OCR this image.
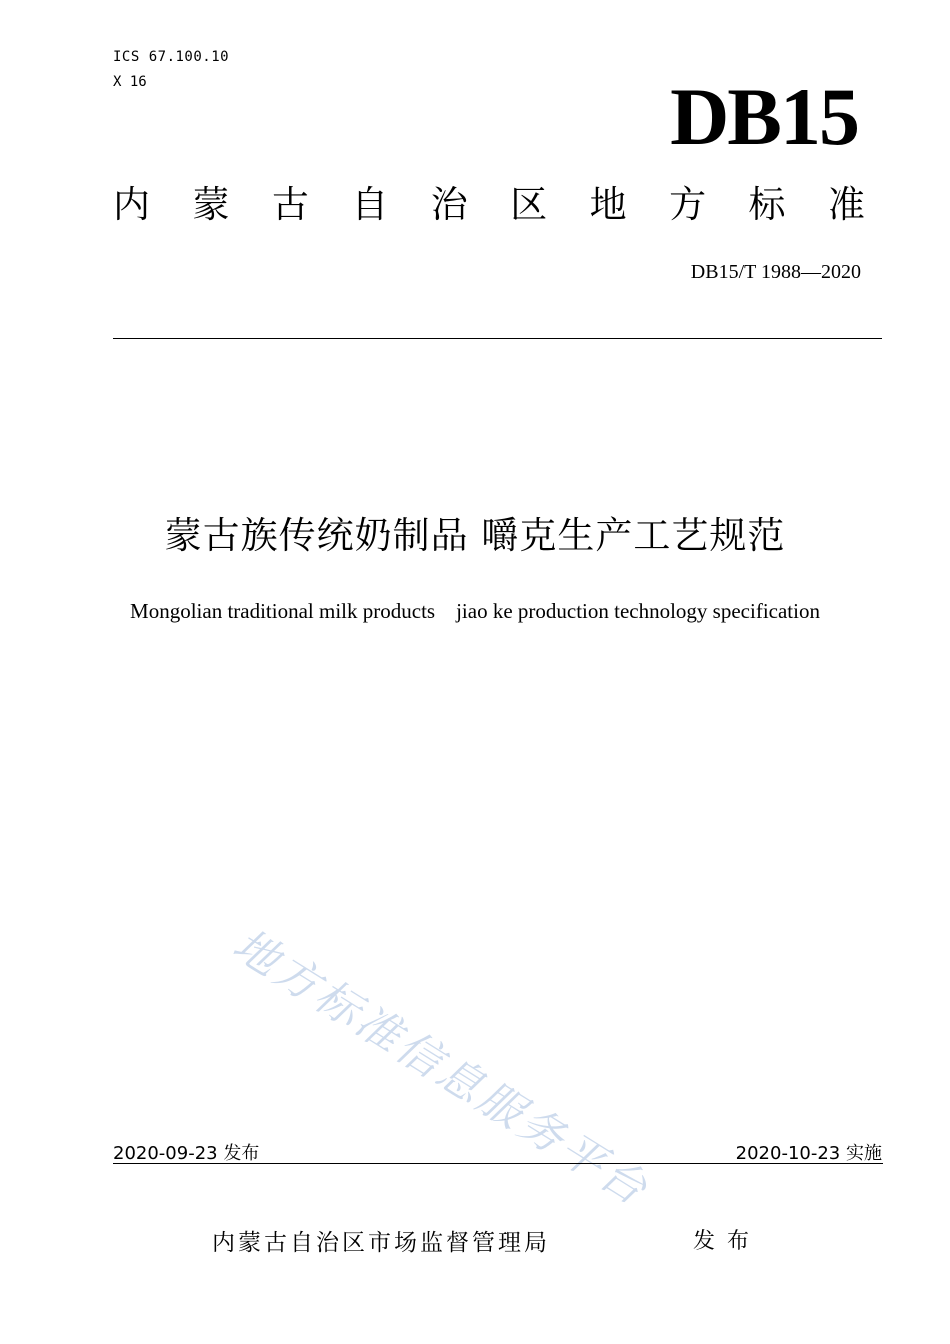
ICS 67.100.10
X 16	DB15
内 蒙 古 自 治 区 地 方 标 准
DB15/T 1988—2020
蒙古族传统奶制品 嚼克生产工艺规范
Mongolian traditional milk products    jiao ke production technology specification
地方标准信息服务平台
2020-09-23 发布	2020-10-23 实施
内蒙古自治区市场监督管理局	发布
